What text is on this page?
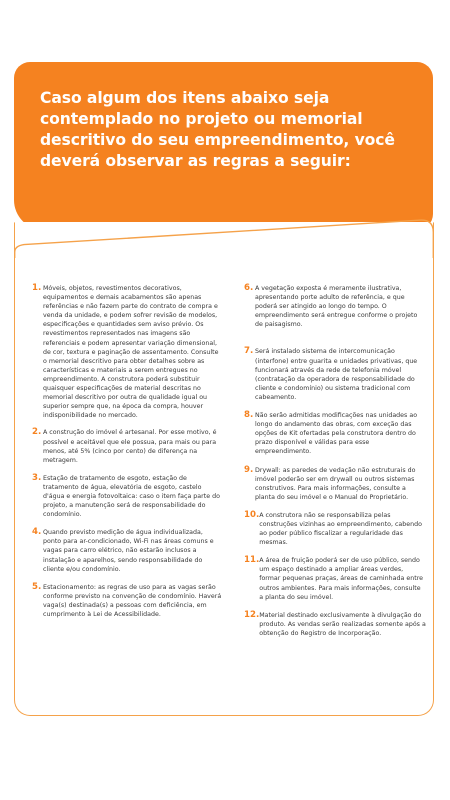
Caso algum dos itens abaixo seja contemplado no projeto ou memorial descritivo do seu empreendimento, você deverá observar as regras a seguir:
1. Móveis, objetos, revestimentos decorativos, equipamentos e demais acabamentos são apenas referências e não fazem parte do contrato de compra e venda da unidade, e podem sofrer revisão de modelos, especificações e quantidades sem aviso prévio. Os revestimentos representados nas imagens são referenciais e podem apresentar variação dimensional, de cor, textura e paginação de assentamento. Consulte o memorial descritivo para obter detalhes sobre as características e materiais a serem entregues no empreendimento. A construtora poderá substituir quaisquer especificações de material descritas no memorial descritivo por outra de qualidade igual ou superior sempre que, na época da compra, houver indisponibilidade no mercado.

2. A construção do imóvel é artesanal. Por esse motivo, é possível e aceitável que ele possua, para mais ou para menos, até 5% (cinco por cento) de diferença na metragem.

3. Estação de tratamento de esgoto, estação de tratamento de água, elevatória de esgoto, castelo d'água e energia fotovoltaica: caso o item faça parte do projeto, a manutenção será de responsabilidade do condomínio.

4. Quando previsto medição de água individualizada, ponto para ar-condicionado, Wi-Fi nas áreas comuns e vagas para carro elétrico, não estarão inclusos a instalação e aparelhos, sendo responsabilidade do cliente e/ou condomínio.

5. Estacionamento: as regras de uso para as vagas serão conforme previsto na convenção de condomínio. Haverá vaga(s) destinada(s) a pessoas com deficiência, em cumprimento à Lei de Acessibilidade.

6. A vegetação exposta é meramente ilustrativa, apresentando porte adulto de referência, e que poderá ser atingido ao longo do tempo. O empreendimento será entregue conforme o projeto de paisagismo.

7. Será instalado sistema de intercomunicação (interfone) entre guarita e unidades privativas, que funcionará através da rede de telefonia móvel (contratação da operadora de responsabilidade do cliente e condomínio) ou sistema tradicional com cabeamento.

8. Não serão admitidas modificações nas unidades ao longo do andamento das obras, com exceção das opções de Kit ofertadas pela construtora dentro do prazo disponível e válidas para esse empreendimento.

9. Drywall: as paredes de vedação não estruturais do imóvel poderão ser em drywall ou outros sistemas construtivos. Para mais informações, consulte a planta do seu imóvel e o Manual do Proprietário.

10. A construtora não se responsabiliza pelas construções vizinhas ao empreendimento, cabendo ao poder público fiscalizar a regularidade das mesmas.

11. A área de fruição poderá ser de uso público, sendo um espaço destinado a ampliar áreas verdes, formar pequenas praças, áreas de caminhada entre outros ambientes. Para mais informações, consulte a planta do seu imóvel.

12. Material destinado exclusivamente à divulgação do produto. As vendas serão realizadas somente após a obtenção do Registro de Incorporação.
